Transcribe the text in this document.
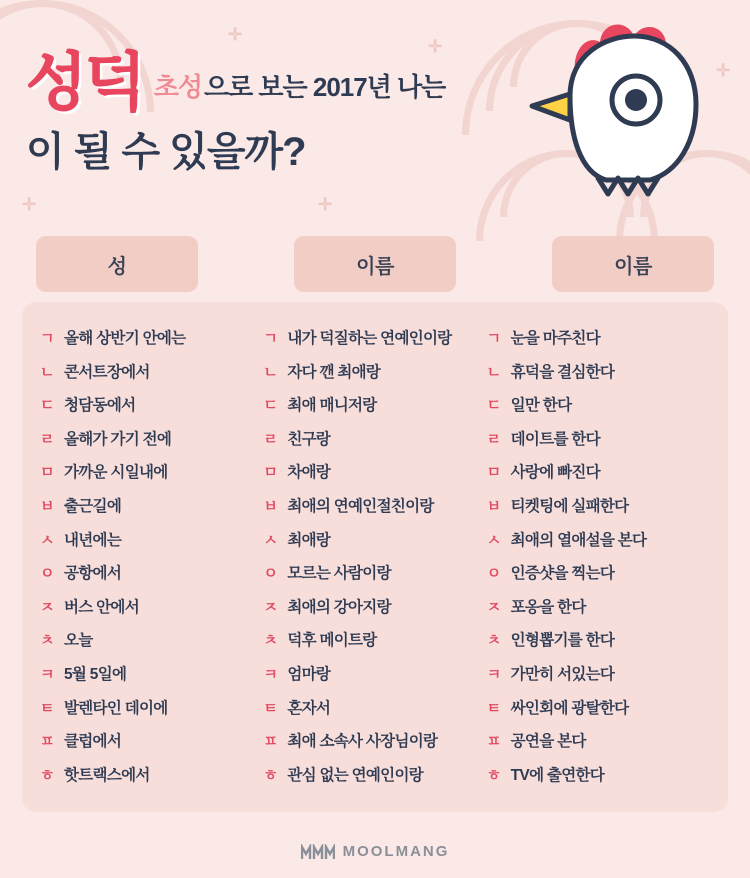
✛
✛
✛
✛
✛
성덕 초성 으로 보는 2017년 나는
이 될 수 있을까?
성	이름	이름
ㄱ 올해 상반기 안에는
ㄴ 콘서트장에서
ㄷ 청담동에서
ㄹ 올해가 가기 전에
ㅁ 가까운 시일내에
ㅂ 출근길에
ㅅ 내년에는
ㅇ 공항에서
ㅈ 버스 안에서
ㅊ 오늘
ㅋ 5월 5일에
ㅌ 발렌타인 데이에
ㅍ 클럽에서
ㅎ 핫트랙스에서
ㄱ 내가 덕질하는 연예인이랑
ㄴ 자다 깬 최애랑
ㄷ 최애 매니저랑
ㄹ 친구랑
ㅁ 차애랑
ㅂ 최애의 연예인절친이랑
ㅅ 최애랑
ㅇ 모르는 사람이랑
ㅈ 최애의 강아지랑
ㅊ 덕후 메이트랑
ㅋ 엄마랑
ㅌ 혼자서
ㅍ 최애 소속사 사장님이랑
ㅎ 관심 없는 연예인이랑
ㄱ 눈을 마주친다
ㄴ 휴덕을 결심한다
ㄷ 일만 한다
ㄹ 데이트를 한다
ㅁ 사랑에 빠진다
ㅂ 티켓팅에 실패한다
ㅅ 최애의 열애설을 본다
ㅇ 인증샷을 찍는다
ㅈ 포옹을 한다
ㅊ 인형뽑기를 한다
ㅋ 가만히 서있는다
ㅌ 싸인회에 광탈한다
ㅍ 공연을 본다
ㅎ TV에 출연한다
MOOLMANG
